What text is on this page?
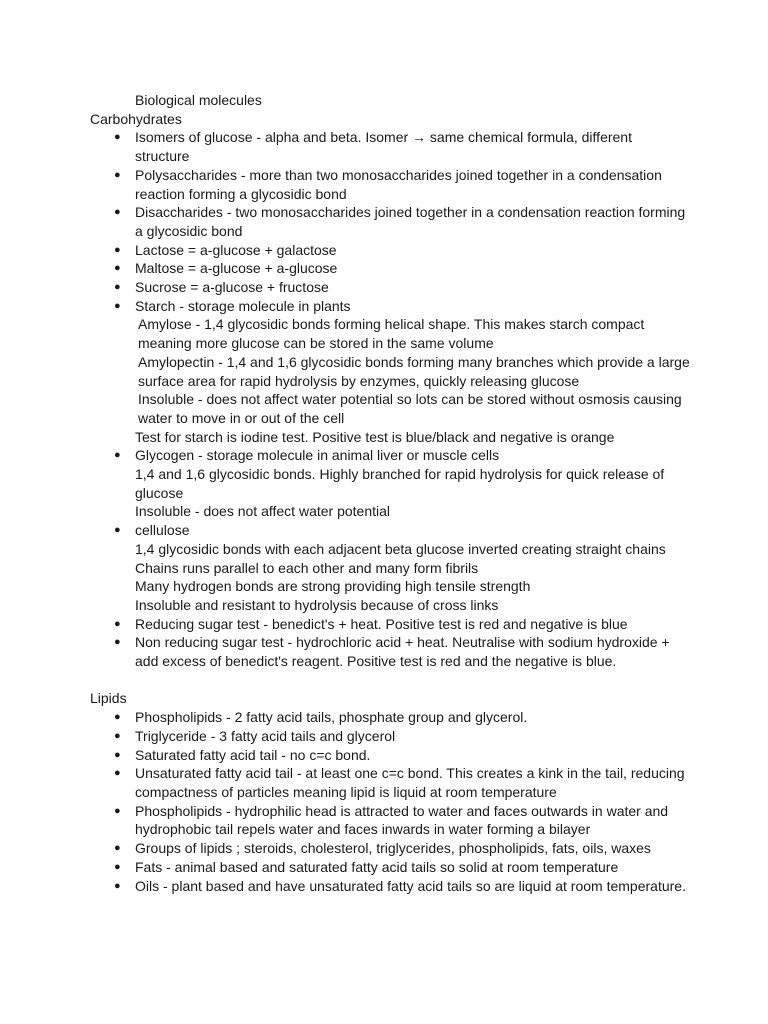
Biological molecules
Carbohydrates
● Isomers of glucose - alpha and beta. Isomer → same chemical formula, different structure
● Polysaccharides - more than two monosaccharides joined together in a condensation reaction forming a glycosidic bond
● Disaccharides - two monosaccharides joined together in a condensation reaction forming a glycosidic bond
● Lactose = a-glucose + galactose
● Maltose = a-glucose + a-glucose
● Sucrose = a-glucose + fructose
● Starch - storage molecule in plants
Amylose - 1,4 glycosidic bonds forming helical shape. This makes starch compact meaning more glucose can be stored in the same volume
Amylopectin - 1,4 and 1,6 glycosidic bonds forming many branches which provide a large surface area for rapid hydrolysis by enzymes, quickly releasing glucose
Insoluble - does not affect water potential so lots can be stored without osmosis causing water to move in or out of the cell
Test for starch is iodine test. Positive test is blue/black and negative is orange
● Glycogen - storage molecule in animal liver or muscle cells
1,4 and 1,6 glycosidic bonds. Highly branched for rapid hydrolysis for quick release of glucose
Insoluble - does not affect water potential
● cellulose
1,4 glycosidic bonds with each adjacent beta glucose inverted creating straight chains
Chains runs parallel to each other and many form fibrils
Many hydrogen bonds are strong providing high tensile strength
Insoluble and resistant to hydrolysis because of cross links
● Reducing sugar test - benedict's + heat. Positive test is red and negative is blue
● Non reducing sugar test - hydrochloric acid + heat. Neutralise with sodium hydroxide + add excess of benedict's reagent. Positive test is red and the negative is blue.
Lipids
● Phospholipids - 2 fatty acid tails, phosphate group and glycerol.
● Triglyceride - 3 fatty acid tails and glycerol
● Saturated fatty acid tail - no c=c bond.
● Unsaturated fatty acid tail - at least one c=c bond. This creates a kink in the tail, reducing compactness of particles meaning lipid is liquid at room temperature
● Phospholipids - hydrophilic head is attracted to water and faces outwards in water and hydrophobic tail repels water and faces inwards in water forming a bilayer
● Groups of lipids ; steroids, cholesterol, triglycerides, phospholipids, fats, oils, waxes
● Fats - animal based and saturated fatty acid tails so solid at room temperature
● Oils - plant based and have unsaturated fatty acid tails so are liquid at room temperature.
